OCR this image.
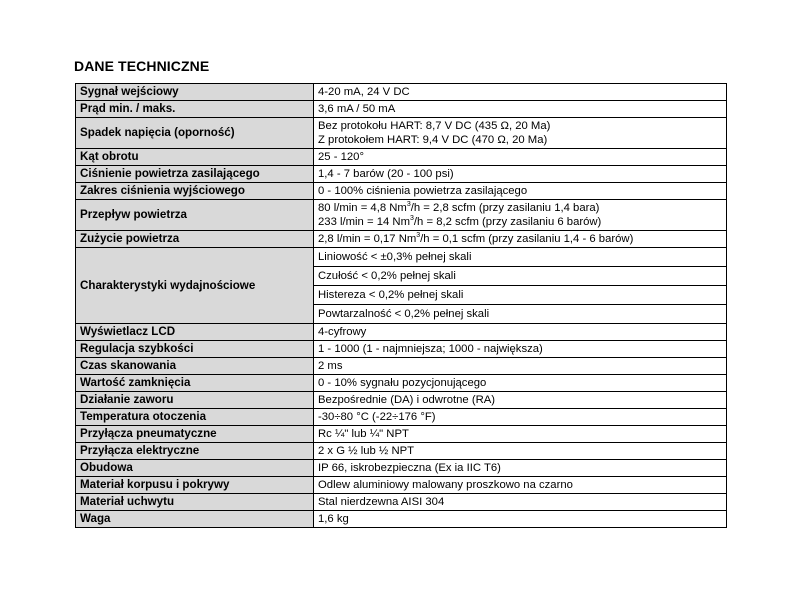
DANE TECHNICZNE
Sygnał wejściowy	4-20 mA, 24 V DC

Prąd min. / maks.	3,6 mA / 50 mA

Spadek napięcia (oporność)	Bez protokołu HART: 8,7 V DC (435 Ω, 20 Ma)
Z protokołem HART: 9,4 V DC (470 Ω, 20 Ma)

Kąt obrotu	25 - 120°

Ciśnienie powietrza zasilającego	1,4 - 7 barów (20 - 100 psi)

Zakres ciśnienia wyjściowego	0 - 100% ciśnienia powietrza zasilającego

Przepływ powietrza	80 l/min = 4,8 $Nm^3/h = 2,8$ scfm (przy zasilaniu 1,4 bara)
233 l/min = 14 $Nm^3/h = 8,2$ scfm (przy zasilaniu 6 barów)

Zużycie powietrza	2,8 l/min = 0,17 $Nm^3/h = 0,1$ scfm (przy zasilaniu 1,4 - 6 barów)

Charakterystyki wydajnościowe	Liniowość < ±0,3% pełnej skali
	Czułość < 0,2% pełnej skali
	Histereza < 0,2% pełnej skali
	Powtarzalność < 0,2% pełnej skali
Wyświetlacz LCD	4-cyfrowy

Regulacja szybkości	1 - 1000 (1 - najmniejsza; 1000 - największa)

Czas skanowania	2 ms

Wartość zamknięcia	0 - 10% sygnału pozycjonującego

Działanie zaworu	Bezpośrednie (DA) i odwrotne (RA)

Temperatura otoczenia	-30÷80 °C (-22÷176 °F)

Przyłącza pneumatyczne	Rc ¼" lub ¼" NPT

Przyłącza elektryczne	2 x G ½ lub ½ NPT

Obudowa	IP 66, iskrobezpieczna (Ex ia IIC T6)

Materiał korpusu i pokrywy	Odlew aluminiowy malowany proszkowo na czarno

Materiał uchwytu	Stal nierdzewna AISI 304

Waga	1,6 kg
